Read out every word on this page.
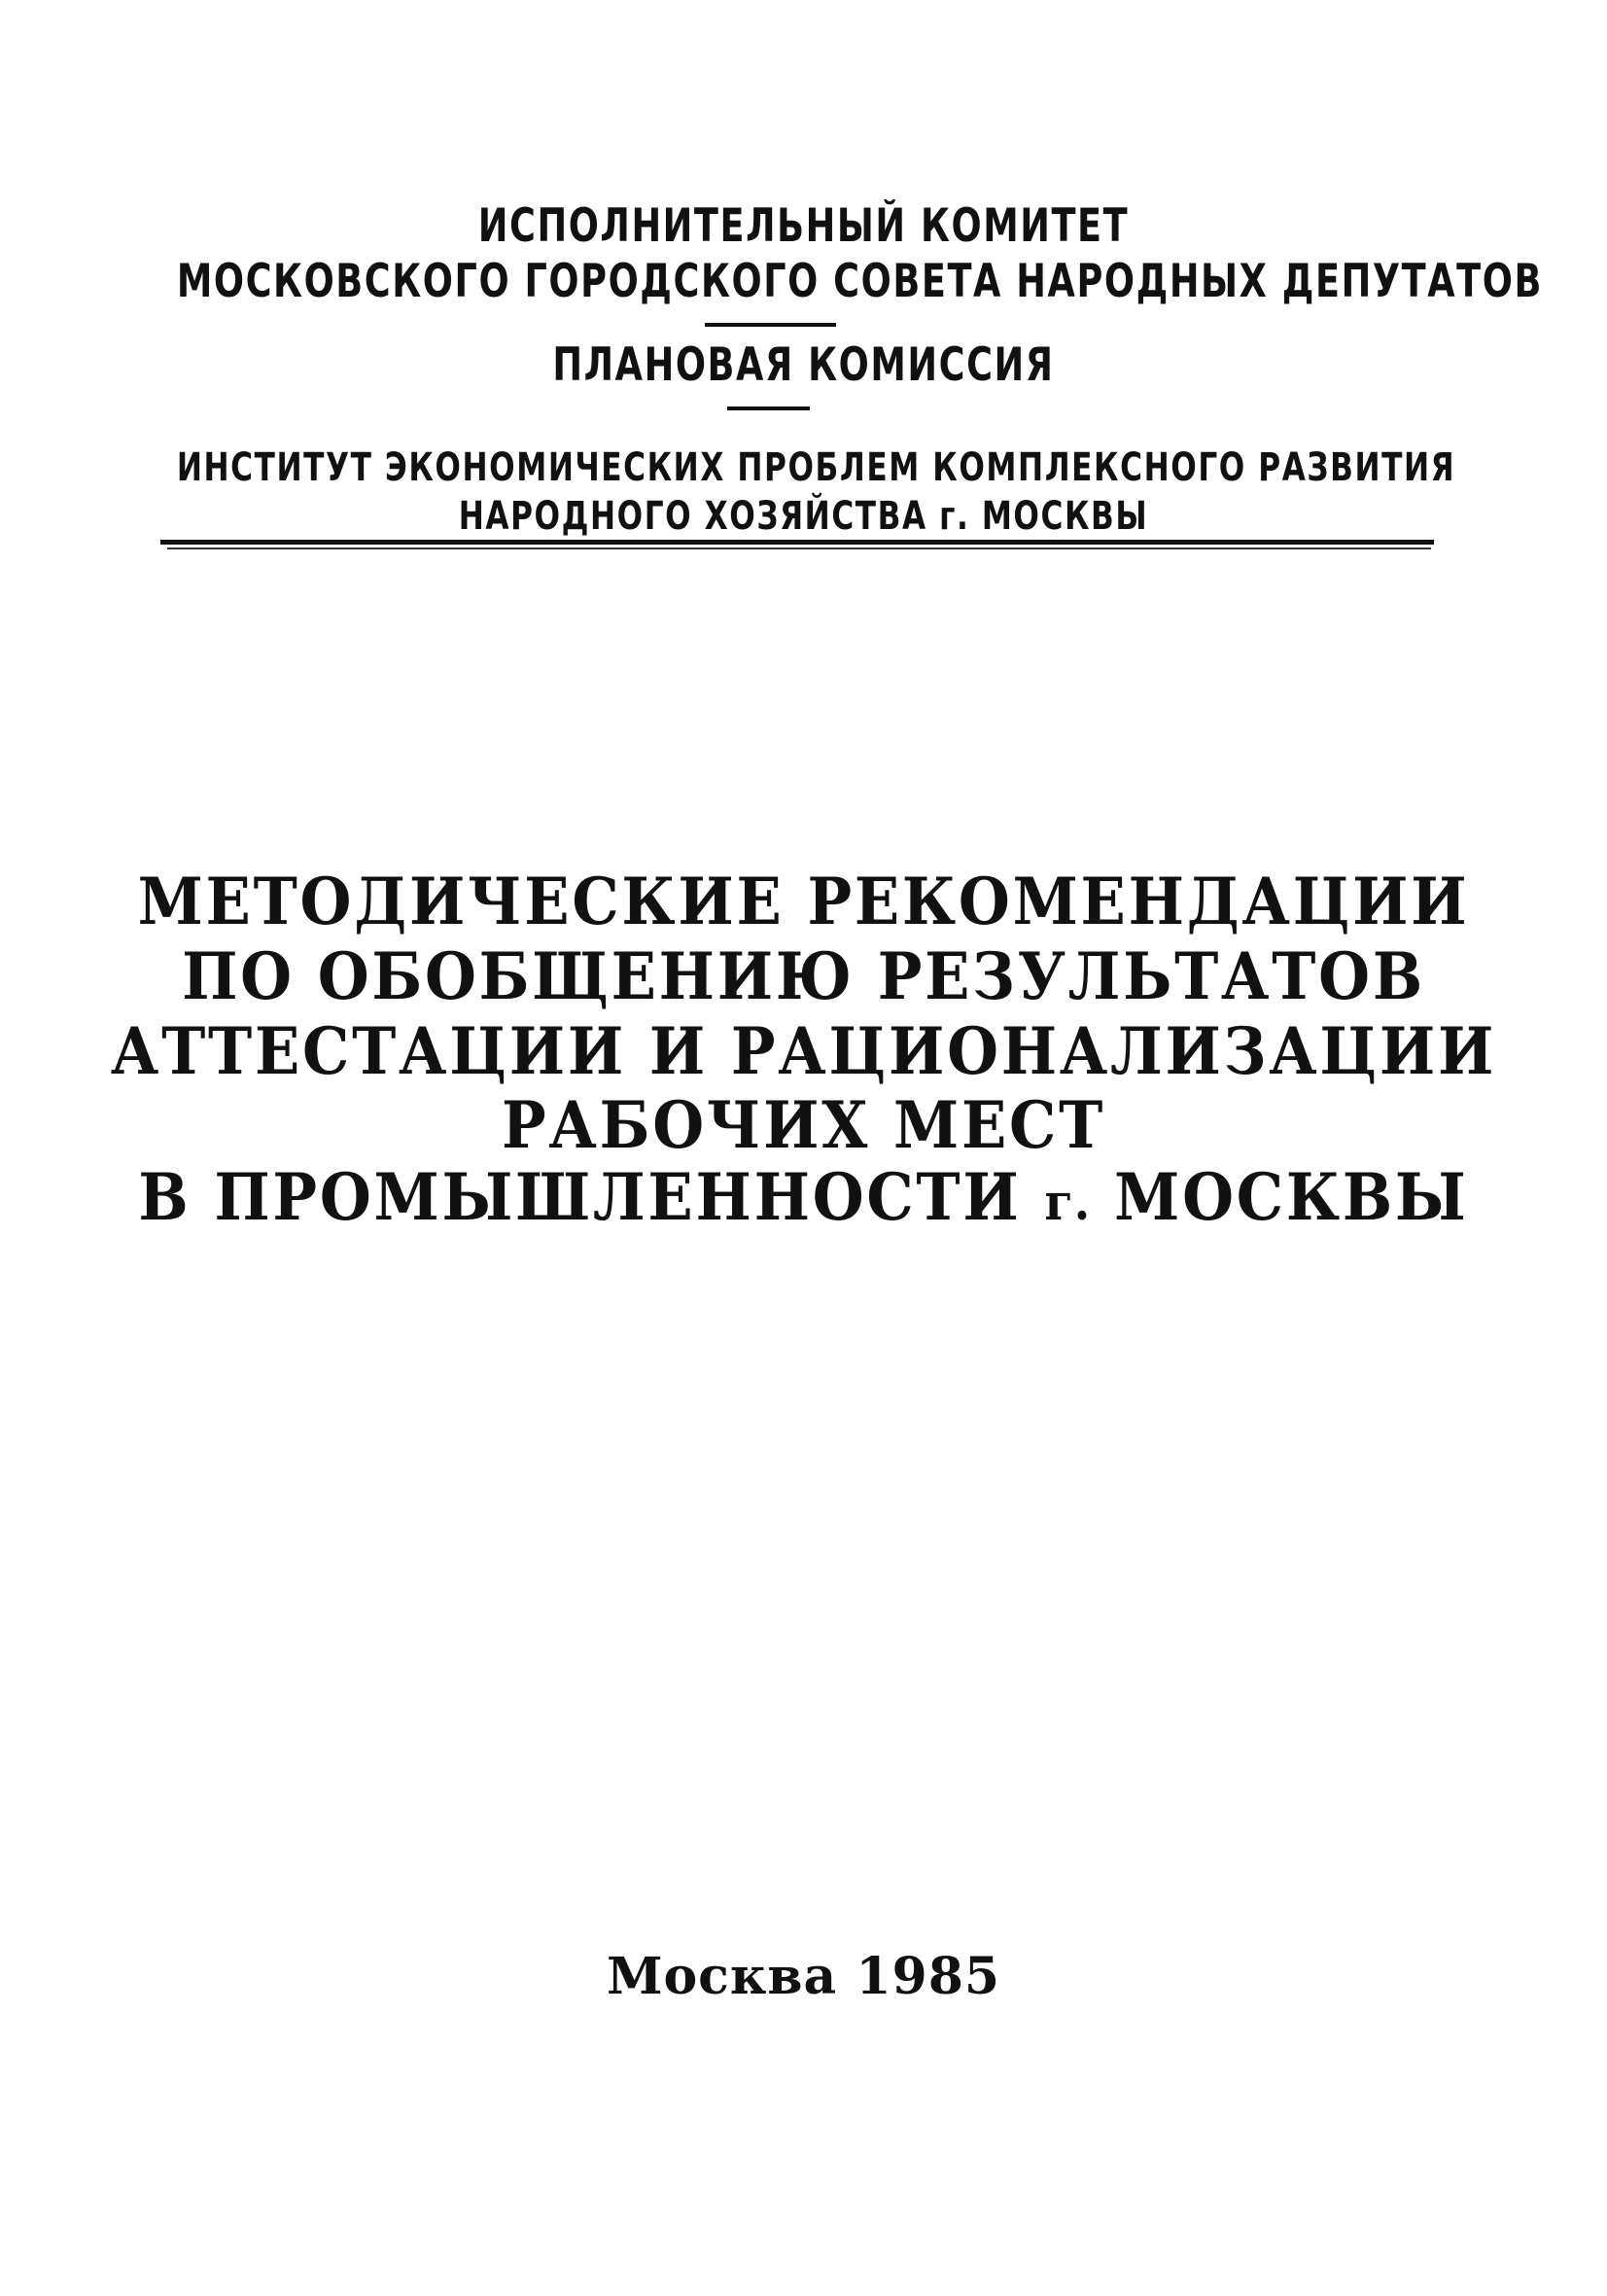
ИСПОЛНИТЕЛЬНЫЙ КОМИТЕТ
МОСКОВСКОГО ГОРОДСКОГО СОВЕТА НАРОДНЫХ ДЕПУТАТОВ
ПЛАНОВАЯ КОМИССИЯ
ИНСТИТУТ ЭКОНОМИЧЕСКИХ ПРОБЛЕМ КОМПЛЕКСНОГО РАЗВИТИЯ
НАРОДНОГО ХОЗЯЙСТВА г. МОСКВЫ
МЕТОДИЧЕСКИЕ РЕКОМЕНДАЦИИ
ПО ОБОБЩЕНИЮ РЕЗУЛЬТАТОВ
АТТЕСТАЦИИ И РАЦИОНАЛИЗАЦИИ
РАБОЧИХ МЕСТ
В ПРОМЫШЛЕННОСТИ г. МОСКВЫ
Москва 1985
